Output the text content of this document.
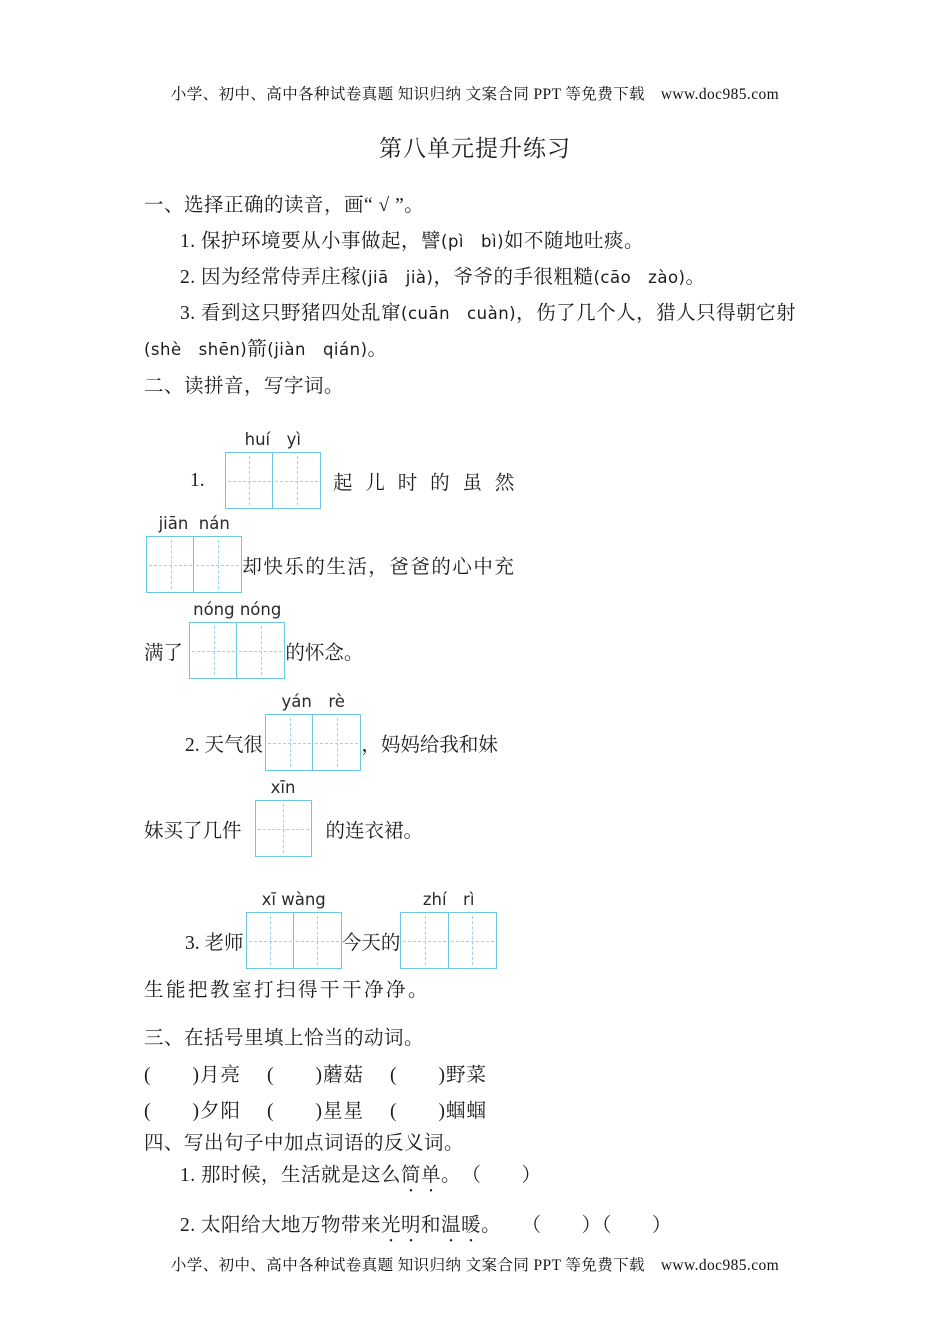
小学、初中、高中各种试卷真题 知识归纳 文案合同 PPT 等免费下载　www.doc985.com
第八单元提升练习
一、选择正确的读音，画“ √ ”。
1. 保护环境要从小事做起，譬(pì　bì)如不随地吐痰。
2. 因为经常侍弄庄稼(jiā　jià)，爷爷的手很粗糙(cāo　zào)。
3. 看到这只野猪四处乱窜(cuān　cuàn)，伤了几个人，猎人只得朝它射
(shè　shēn)箭(jiàn　qián)。
二、读拼音，写字词。
1.
huí　yì
起 儿 时 的 虽 然
jiān  nán
却快乐的生活，爸爸的心中充
满了
nóng nóng
的怀念。
2. 天气很
yán　rè
，妈妈给我和妹
妹买了几件
xīn
的连衣裙。
3. 老师
xī wàng
今天的
zhí　rì
生能把教室打扫得干干净净。
三、在括号里填上恰当的动词。
(　　)月亮 (　　)蘑菇 (　　)野菜
(　　)夕阳 (　　)星星 (　　)蝈蝈
四、写出句子中加点词语的反义词。
1. 那时候，生活就是这么简单。　（　　）
2. 太阳给大地万物带来光明和温暖。　　（　　）（　　）
小学、初中、高中各种试卷真题 知识归纳 文案合同 PPT 等免费下载　www.doc985.com
